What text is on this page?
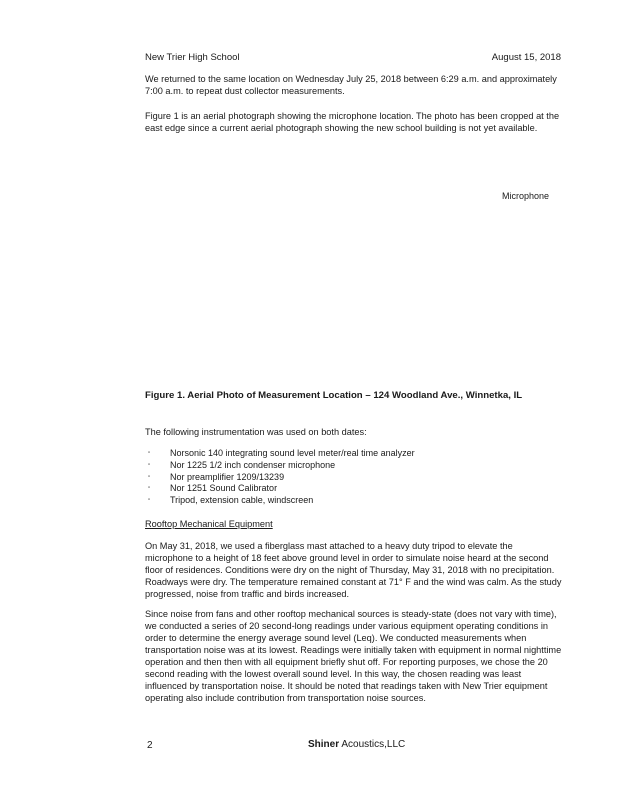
New Trier High School	August 15, 2018

We returned to the same location on Wednesday July 25, 2018 between 6:29 a.m. and approximately 7:00 a.m. to repeat dust collector measurements.

Figure 1 is an aerial photograph showing the microphone location. The photo has been cropped at the east edge since a current aerial photograph showing the new school building is not yet available.

Microphone
Figure 1. Aerial Photo of Measurement Location – 124 Woodland Ave., Winnetka, IL

The following instrumentation was used on both dates:

▫	Norsonic 140 integrating sound level meter/real time analyzer
▫	Nor 1225 1/2 inch condenser microphone
▫	Nor preamplifier 1209/13239
▫	Nor 1251 Sound Calibrator
▫	Tripod, extension cable, windscreen
Rooftop Mechanical Equipment

On May 31, 2018, we used a fiberglass mast attached to a heavy duty tripod to elevate the microphone to a height of 18 feet above ground level in order to simulate noise heard at the second floor of residences. Conditions were dry on the night of Thursday, May 31, 2018 with no precipitation. Roadways were dry. The temperature remained constant at 71° F and the wind was calm. As the study progressed, noise from traffic and birds increased.

Since noise from fans and other rooftop mechanical sources is steady-state (does not vary with time), we conducted a series of 20 second-long readings under various equipment operating conditions in order to determine the energy average sound level (Leq). We conducted measurements when transportation noise was at its lowest. Readings were initially taken with equipment in normal nighttime operation and then then with all equipment briefly shut off. For reporting purposes, we chose the 20 second reading with the lowest overall sound level. In this way, the chosen reading was least influenced by transportation noise. It should be noted that readings taken with New Trier equipment operating also include contribution from transportation noise sources.

2	Shiner Acoustics,LLC
